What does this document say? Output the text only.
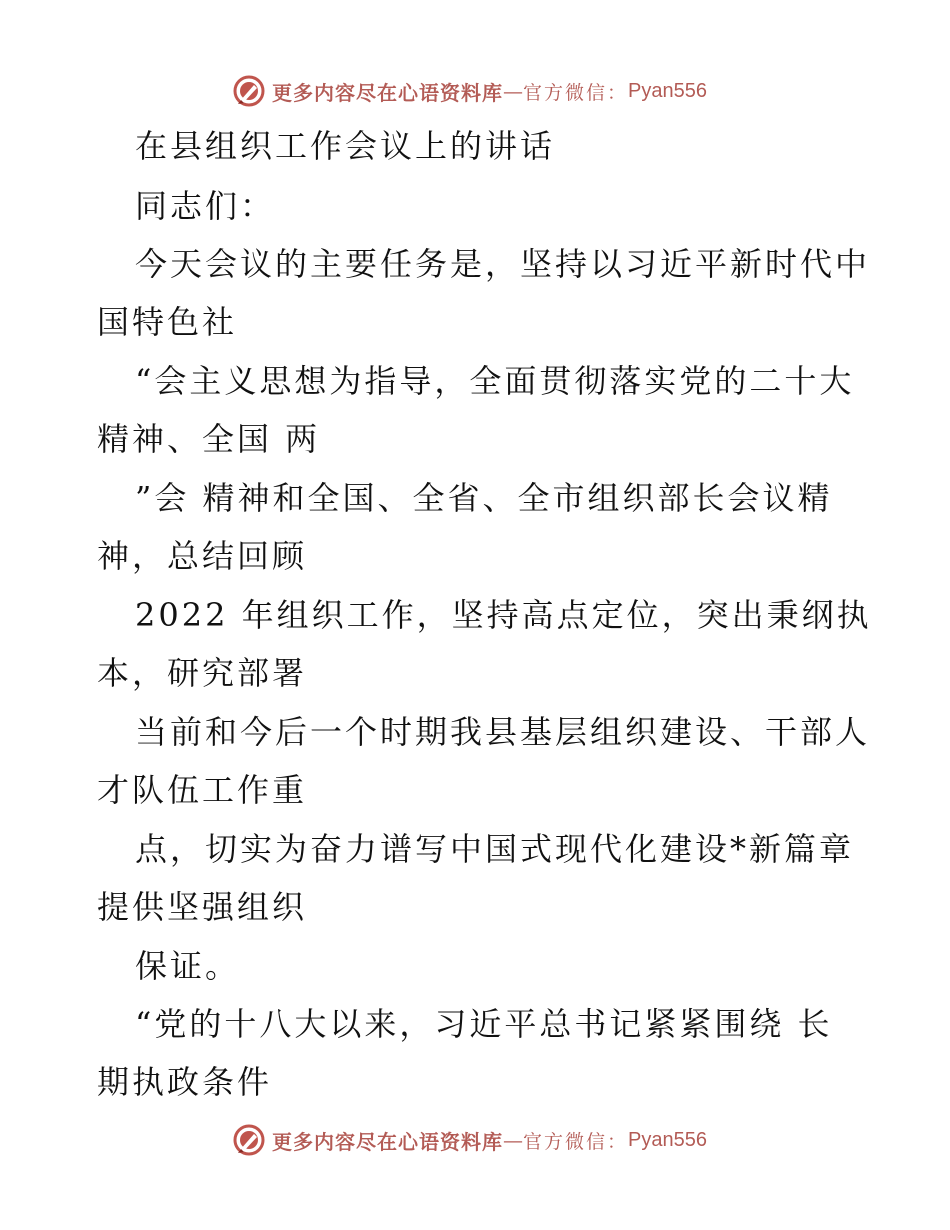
更多内容尽在心语资料库 — 官方微信： Pyan556
在县组织工作会议上的讲话
同志们：
今天会议的主要任务是，坚持以习近平新时代中
国特色社
“会主义思想为指导，全面贯彻落实党的二十大
精神、全国 两
”会 精神和全国、全省、全市组织部长会议精
神，总结回顾
2022 年组织工作，坚持高点定位，突出秉纲执
本，研究部署
当前和今后一个时期我县基层组织建设、干部人
才队伍工作重
点，切实为奋力谱写中国式现代化建设*新篇章
提供坚强组织
保证。
“党的十八大以来，习近平总书记紧紧围绕 长
期执政条件
更多内容尽在心语资料库 — 官方微信： Pyan556
